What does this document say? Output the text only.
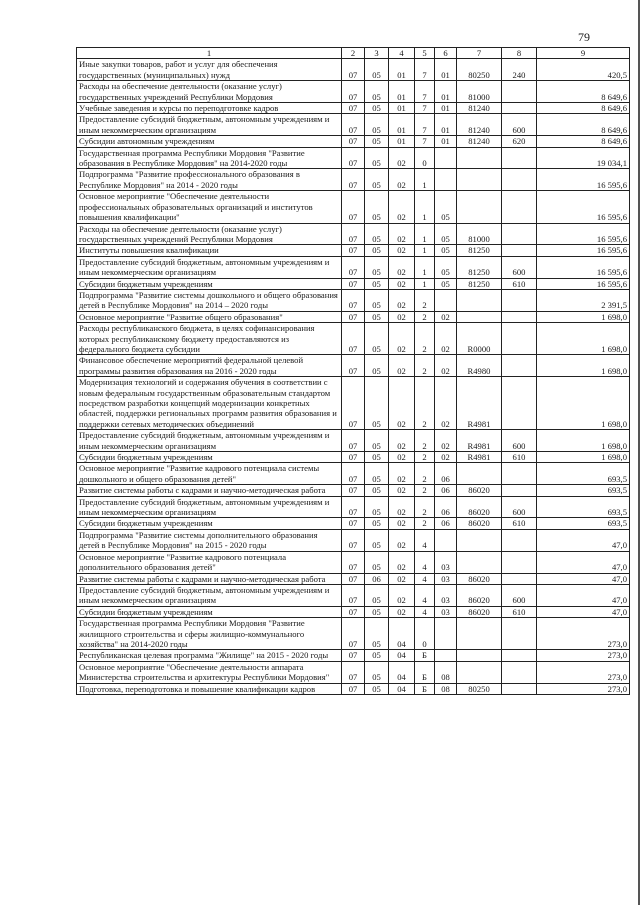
79
1	2	3	4	5	6	7	8	9
Иные закупки товаров, работ и услуг для обеспечения государственных (муниципальных) нужд	07	05	01	7	01	80250	240	420,5
Расходы на обеспечение деятельности (оказание услуг) государственных учреждений Республики Мордовия	07	05	01	7	01	81000		8 649,6
Учебные заведения и курсы по переподготовке кадров	07	05	01	7	01	81240		8 649,6
Предоставление субсидий бюджетным, автономным учреждениям и иным некоммерческим организациям	07	05	01	7	01	81240	600	8 649,6
Субсидии автономным учреждениям	07	05	01	7	01	81240	620	8 649,6
Государственная программа Республики Мордовия "Развитие образования в Республике Мордовия" на 2014-2020 годы	07	05	02	0				19 034,1
Подпрограмма "Развитие профессионального образования в Республике Мордовия" на 2014 - 2020 годы	07	05	02	1				16 595,6
Основное мероприятие "Обеспечение деятельности профессиональных образовательных организаций и институтов повышения квалификации"	07	05	02	1	05			16 595,6
Расходы на обеспечение деятельности (оказание услуг) государственных учреждений Республики Мордовия	07	05	02	1	05	81000		16 595,6
Институты повышения квалификации	07	05	02	1	05	81250		16 595,6
Предоставление субсидий бюджетным, автономным учреждениям и иным некоммерческим организациям	07	05	02	1	05	81250	600	16 595,6
Субсидии бюджетным учреждениям	07	05	02	1	05	81250	610	16 595,6
Подпрограмма "Развитие системы дошкольного и общего образования детей в Республике Мордовия" на 2014 – 2020 годы	07	05	02	2				2 391,5
Основное мероприятие "Развитие общего образования"	07	05	02	2	02			1 698,0
Расходы республиканского бюджета, в целях софинансирования которых республиканскому бюджету предоставляются из федерального бюджета субсидии	07	05	02	2	02	R0000		1 698,0
Финансовое обеспечение мероприятий федеральной целевой программы развития образования на 2016 - 2020 годы	07	05	02	2	02	R4980		1 698,0
Модернизация технологий и содержания обучения в соответствии с новым федеральным государственным образовательным стандартом посредством разработки концепций модернизации конкретных областей, поддержки региональных программ развития образования и поддержки сетевых методических объединений	07	05	02	2	02	R4981		1 698,0
Предоставление субсидий бюджетным, автономным учреждениям и иным некоммерческим организациям	07	05	02	2	02	R4981	600	1 698,0
Субсидии бюджетным учреждениям	07	05	02	2	02	R4981	610	1 698,0
Основное мероприятие "Развитие кадрового потенциала системы дошкольного и общего образования детей"	07	05	02	2	06			693,5
Развитие системы работы с кадрами и научно-методическая работа	07	05	02	2	06	86020		693,5
Предоставление субсидий бюджетным, автономным учреждениям и иным некоммерческим организациям	07	05	02	2	06	86020	600	693,5
Субсидии бюджетным учреждениям	07	05	02	2	06	86020	610	693,5
Подпрограмма "Развитие системы дополнительного образования детей в Республике Мордовия" на 2015 - 2020 годы	07	05	02	4				47,0
Основное мероприятие "Развитие кадрового потенциала дополнительного образования детей"	07	05	02	4	03			47,0
Развитие системы работы с кадрами и научно-методическая работа	07	06	02	4	03	86020		47,0
Предоставление субсидий бюджетным, автономным учреждениям и иным некоммерческим организациям	07	05	02	4	03	86020	600	47,0
Субсидии бюджетным учреждениям	07	05	02	4	03	86020	610	47,0
Государственная программа Республики Мордовия "Развитие жилищного строительства и сферы жилищно-коммунального хозяйства" на 2014-2020 годы	07	05	04	0				273,0
Республиканская целевая программа "Жилище" на 2015 - 2020 годы	07	05	04	Б				273,0
Основное мероприятие "Обеспечение деятельности аппарата Министерства строительства и архитектуры Республики Мордовия"	07	05	04	Б	08			273,0
Подготовка, переподготовка и повышение квалификации кадров	07	05	04	Б	08	80250		273,0
